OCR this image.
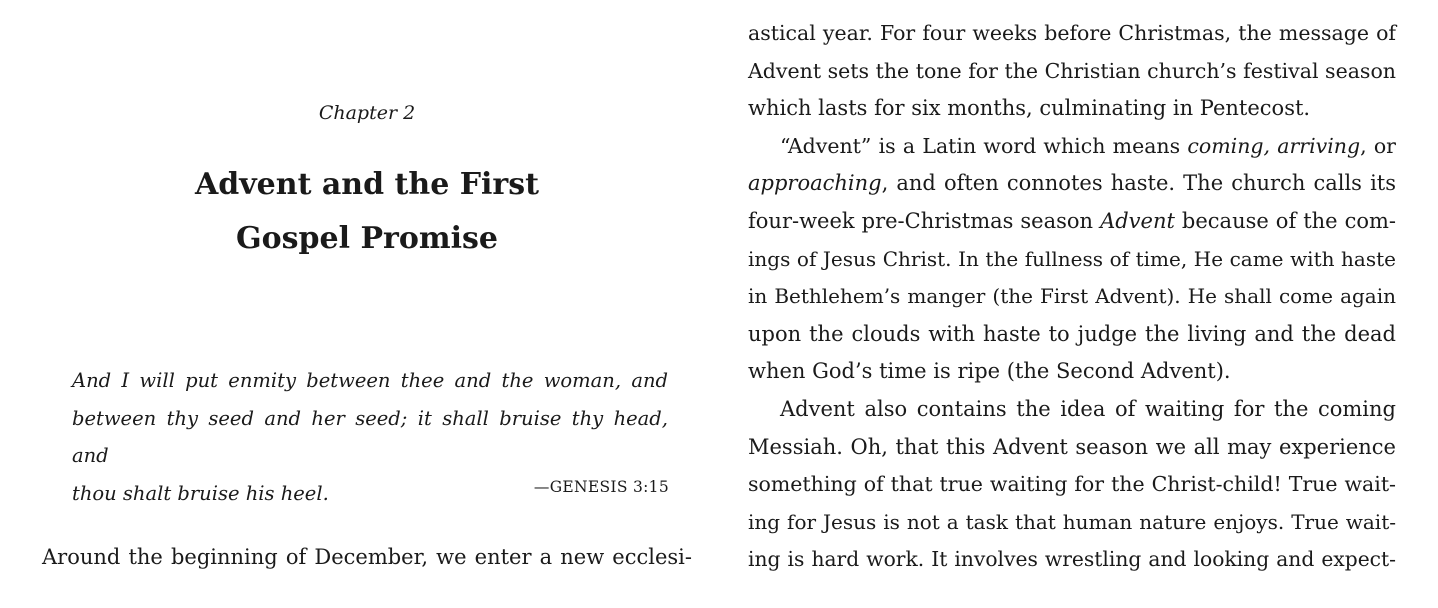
Chapter 2
Advent and the First
Gospel Promise
And I will put enmity between thee and the woman, and
between thy seed and her seed; it shall bruise thy head, and
thou shalt bruise his heel.	—GENESIS 3:15
Around the beginning of December, we enter a new ecclesi-
astical year. For four weeks before Christmas, the message of
Advent sets the tone for the Christian church’s festival season
which lasts for six months, culminating in Pentecost.
“Advent” is a Latin word which means coming, arriving, or
approaching, and often connotes haste. The church calls its
four-week pre-Christmas season Advent because of the com-
ings of Jesus Christ. In the fullness of time, He came with haste
in Bethlehem’s manger (the First Advent). He shall come again
upon the clouds with haste to judge the living and the dead
when God’s time is ripe (the Second Advent).
Advent also contains the idea of waiting for the coming
Messiah. Oh, that this Advent season we all may experience
something of that true waiting for the Christ-child! True wait-
ing for Jesus is not a task that human nature enjoys. True wait-
ing is hard work. It involves wrestling and looking and expect-
